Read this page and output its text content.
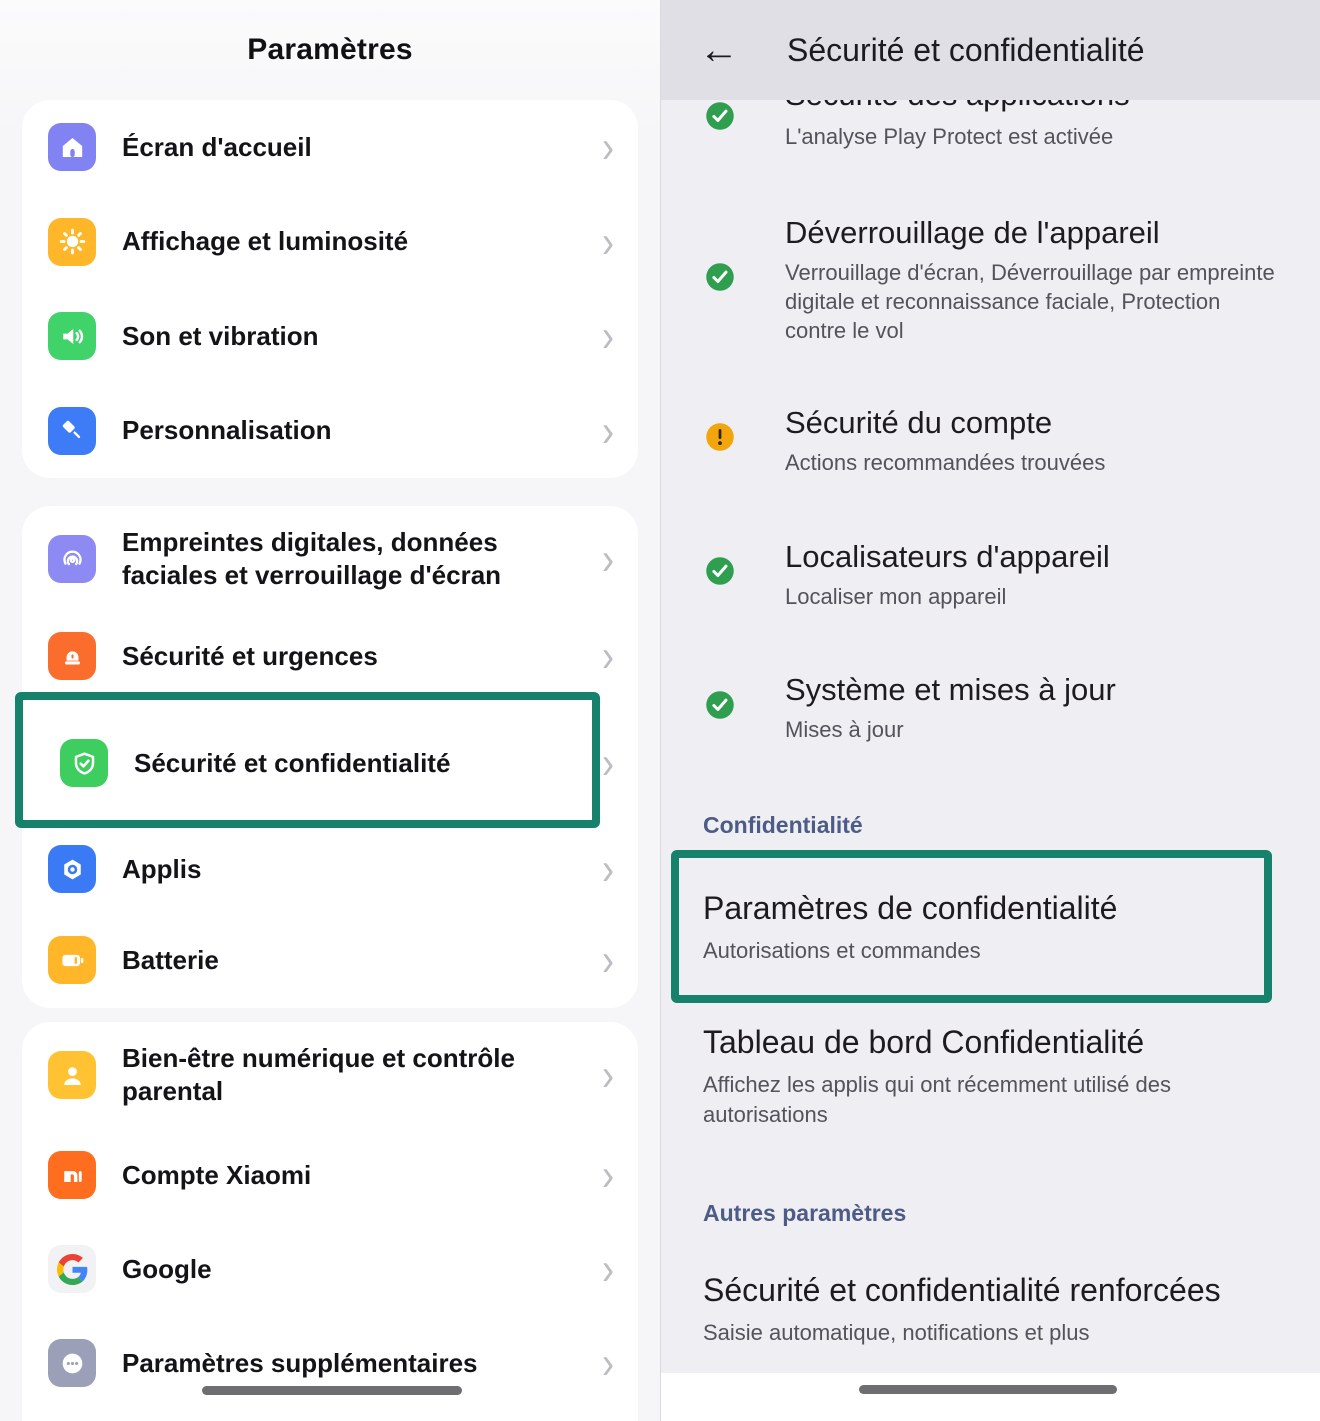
Paramètres
Écran d'accueil	›
Affichage et luminosité	›
Son et vibration	›
Personnalisation	›
Empreintes digitales, données faciales et verrouillage d'écran	›
Sécurité et urgences	›
Sécurité et confidentialité	›
Applis	›
Batterie	›
Bien-être numérique et contrôle parental	›
Compte Xiaomi	›
Google	›
Paramètres supplémentaires	›
L'analyse Play Protect est activée
Déverrouillage de l'appareil
Verrouillage d'écran, Déverrouillage par empreinte digitale et reconnaissance faciale, Protection contre le vol
Sécurité du compte
Actions recommandées trouvées
Localisateurs d'appareil
Localiser mon appareil
Système et mises à jour
Mises à jour
Confidentialité
Paramètres de confidentialité
Autorisations et commandes
Tableau de bord Confidentialité
Affichez les applis qui ont récemment utilisé des autorisations
Autres paramètres
Sécurité et confidentialité renforcées
Saisie automatique, notifications et plus
← Sécurité et confidentialité
